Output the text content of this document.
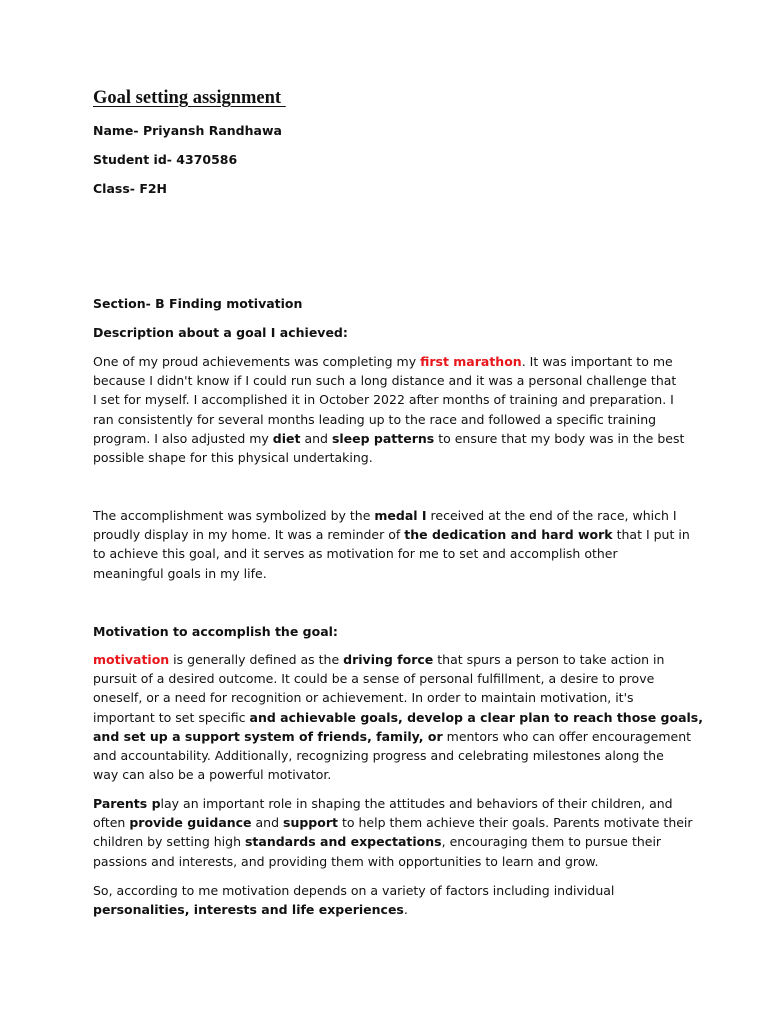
Goal setting assignment

Name- Priyansh Randhawa

Student id- 4370586

Class- F2H

Section- B Finding motivation

Description about a goal I achieved:

One of my proud achievements was completing my first marathon. It was important to me
because I didn't know if I could run such a long distance and it was a personal challenge that
I set for myself. I accomplished it in October 2022 after months of training and preparation. I
ran consistently for several months leading up to the race and followed a specific training
program. I also adjusted my diet and sleep patterns to ensure that my body was in the best
possible shape for this physical undertaking.
The accomplishment was symbolized by the medal I received at the end of the race, which I
proudly display in my home. It was a reminder of the dedication and hard work that I put in
to achieve this goal, and it serves as motivation for me to set and accomplish other
meaningful goals in my life.

Motivation to accomplish the goal:

motivation is generally defined as the driving force that spurs a person to take action in
pursuit of a desired outcome. It could be a sense of personal fulfillment, a desire to prove
oneself, or a need for recognition or achievement. In order to maintain motivation, it's
important to set specific and achievable goals, develop a clear plan to reach those goals,
and set up a support system of friends, family, or mentors who can offer encouragement
and accountability. Additionally, recognizing progress and celebrating milestones along the
way can also be a powerful motivator.
Parents play an important role in shaping the attitudes and behaviors of their children, and
often provide guidance and support to help them achieve their goals. Parents motivate their
children by setting high standards and expectations, encouraging them to pursue their
passions and interests, and providing them with opportunities to learn and grow.
So, according to me motivation depends on a variety of factors including individual
personalities, interests and life experiences.
